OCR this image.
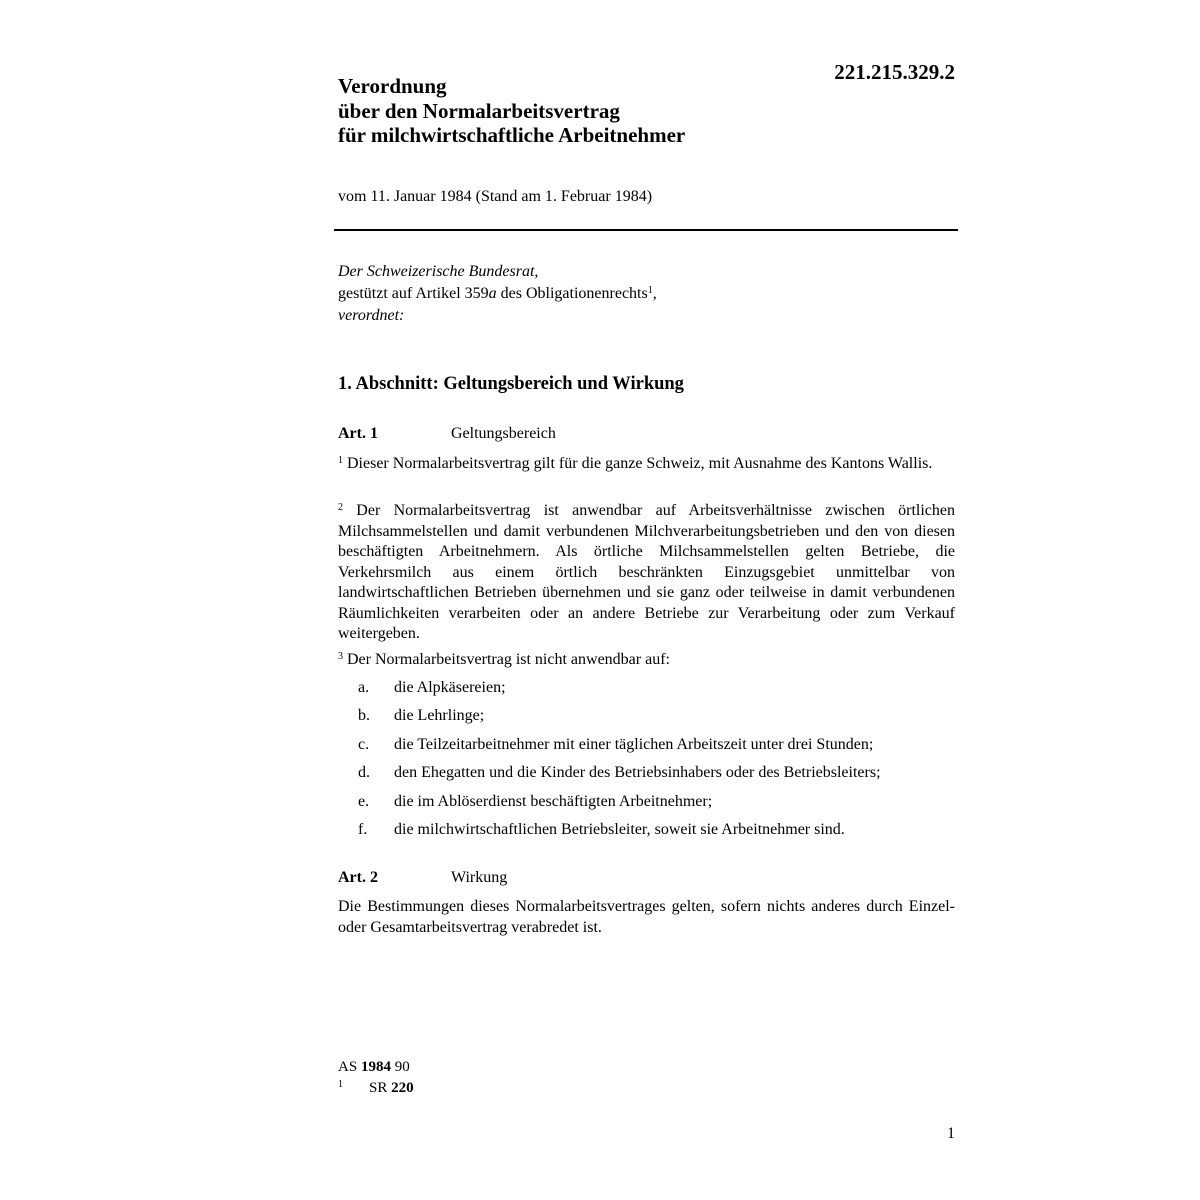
221.215.329.2
Verordnung
über den Normalarbeitsvertrag
für milchwirtschaftliche Arbeitnehmer
vom 11. Januar 1984 (Stand am 1. Februar 1984)
Der Schweizerische Bundesrat,
gestützt auf Artikel 359a des Obligationenrechts$^1$,
verordnet:
1. Abschnitt: Geltungsbereich und Wirkung
Art. 1	Geltungsbereich
$^1$ Dieser Normalarbeitsvertrag gilt für die ganze Schweiz, mit Ausnahme des Kantons Wallis.
$^2$ Der Normalarbeitsvertrag ist anwendbar auf Arbeitsverhältnisse zwischen örtlichen Milchsammelstellen und damit verbundenen Milchverarbeitungsbetrieben und den von diesen beschäftigten Arbeitnehmern. Als örtliche Milchsammelstellen gelten Betriebe, die Verkehrsmilch aus einem örtlich beschränkten Einzugsgebiet unmittelbar von landwirtschaftlichen Betrieben übernehmen und sie ganz oder teilweise in damit verbundenen Räumlichkeiten verarbeiten oder an andere Betriebe zur Verarbeitung oder zum Verkauf weitergeben.
$^3$ Der Normalarbeitsvertrag ist nicht anwendbar auf:
a. die Alpkäsereien;
b. die Lehrlinge;
c. die Teilzeitarbeitnehmer mit einer täglichen Arbeitszeit unter drei Stunden;
d. den Ehegatten und die Kinder des Betriebsinhabers oder des Betriebsleiters;
e. die im Ablöserdienst beschäftigten Arbeitnehmer;
f. die milchwirtschaftlichen Betriebsleiter, soweit sie Arbeitnehmer sind.
Art. 2	Wirkung
Die Bestimmungen dieses Normalarbeitsvertrages gelten, sofern nichts anderes durch Einzel- oder Gesamtarbeitsvertrag verabredet ist.
AS 1984 90
$^1$ SR 220
1
